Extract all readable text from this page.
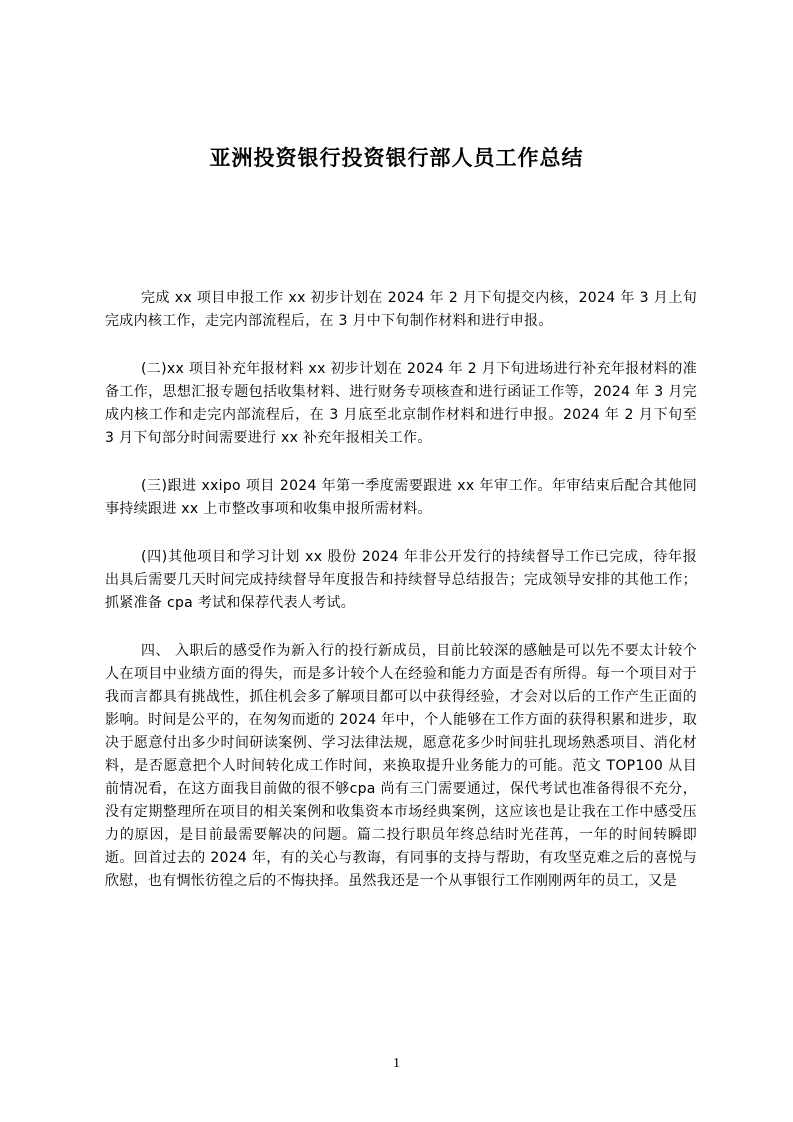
亚洲投资银行投资银行部人员工作总结

完成 xx 项目申报工作 xx 初步计划在 2024 年 2 月下旬提交内核，2024 年 3 月上旬完成内核工作，走完内部流程后，在 3 月中下旬制作材料和进行申报。

(二)xx 项目补充年报材料 xx 初步计划在 2024 年 2 月下旬进场进行补充年报材料的准备工作，思想汇报专题包括收集材料、进行财务专项核查和进行函证工作等，2024 年 3 月完成内核工作和走完内部流程后，在 3 月底至北京制作材料和进行申报。2024 年 2 月下旬至 3 月下旬部分时间需要进行 xx 补充年报相关工作。

(三)跟进 xxipo 项目 2024 年第一季度需要跟进 xx 年审工作。年审结束后配合其他同事持续跟进 xx 上市整改事项和收集申报所需材料。

(四)其他项目和学习计划 xx 股份 2024 年非公开发行的持续督导工作已完成，待年报出具后需要几天时间完成持续督导年度报告和持续督导总结报告；完成领导安排的其他工作；抓紧准备 cpa 考试和保荐代表人考试。

四、 入职后的感受作为新入行的投行新成员，目前比较深的感触是可以先不要太计较个人在项目中业绩方面的得失，而是多计较个人在经验和能力方面是否有所得。每一个项目对于我而言都具有挑战性，抓住机会多了解项目都可以中获得经验，才会对以后的工作产生正面的影响。时间是公平的，在匆匆而逝的 2024 年中，个人能够在工作方面的获得积累和进步，取决于愿意付出多少时间研读案例、学习法律法规，愿意花多少时间驻扎现场熟悉项目、消化材料，是否愿意把个人时间转化成工作时间，来换取提升业务能力的可能。范文 TOP100 从目前情况看，在这方面我目前做的很不够cpa 尚有三门需要通过，保代考试也准备得很不充分，没有定期整理所在项目的相关案例和收集资本市场经典案例，这应该也是让我在工作中感受压力的原因，是目前最需要解决的问题。篇二投行职员年终总结时光荏苒，一年的时间转瞬即逝。回首过去的 2024 年，有的关心与教诲，有同事的支持与帮助，有攻坚克难之后的喜悦与欣慰，也有惆怅彷徨之后的不悔抉择。虽然我还是一个从事银行工作刚刚两年的员工，又是

1
